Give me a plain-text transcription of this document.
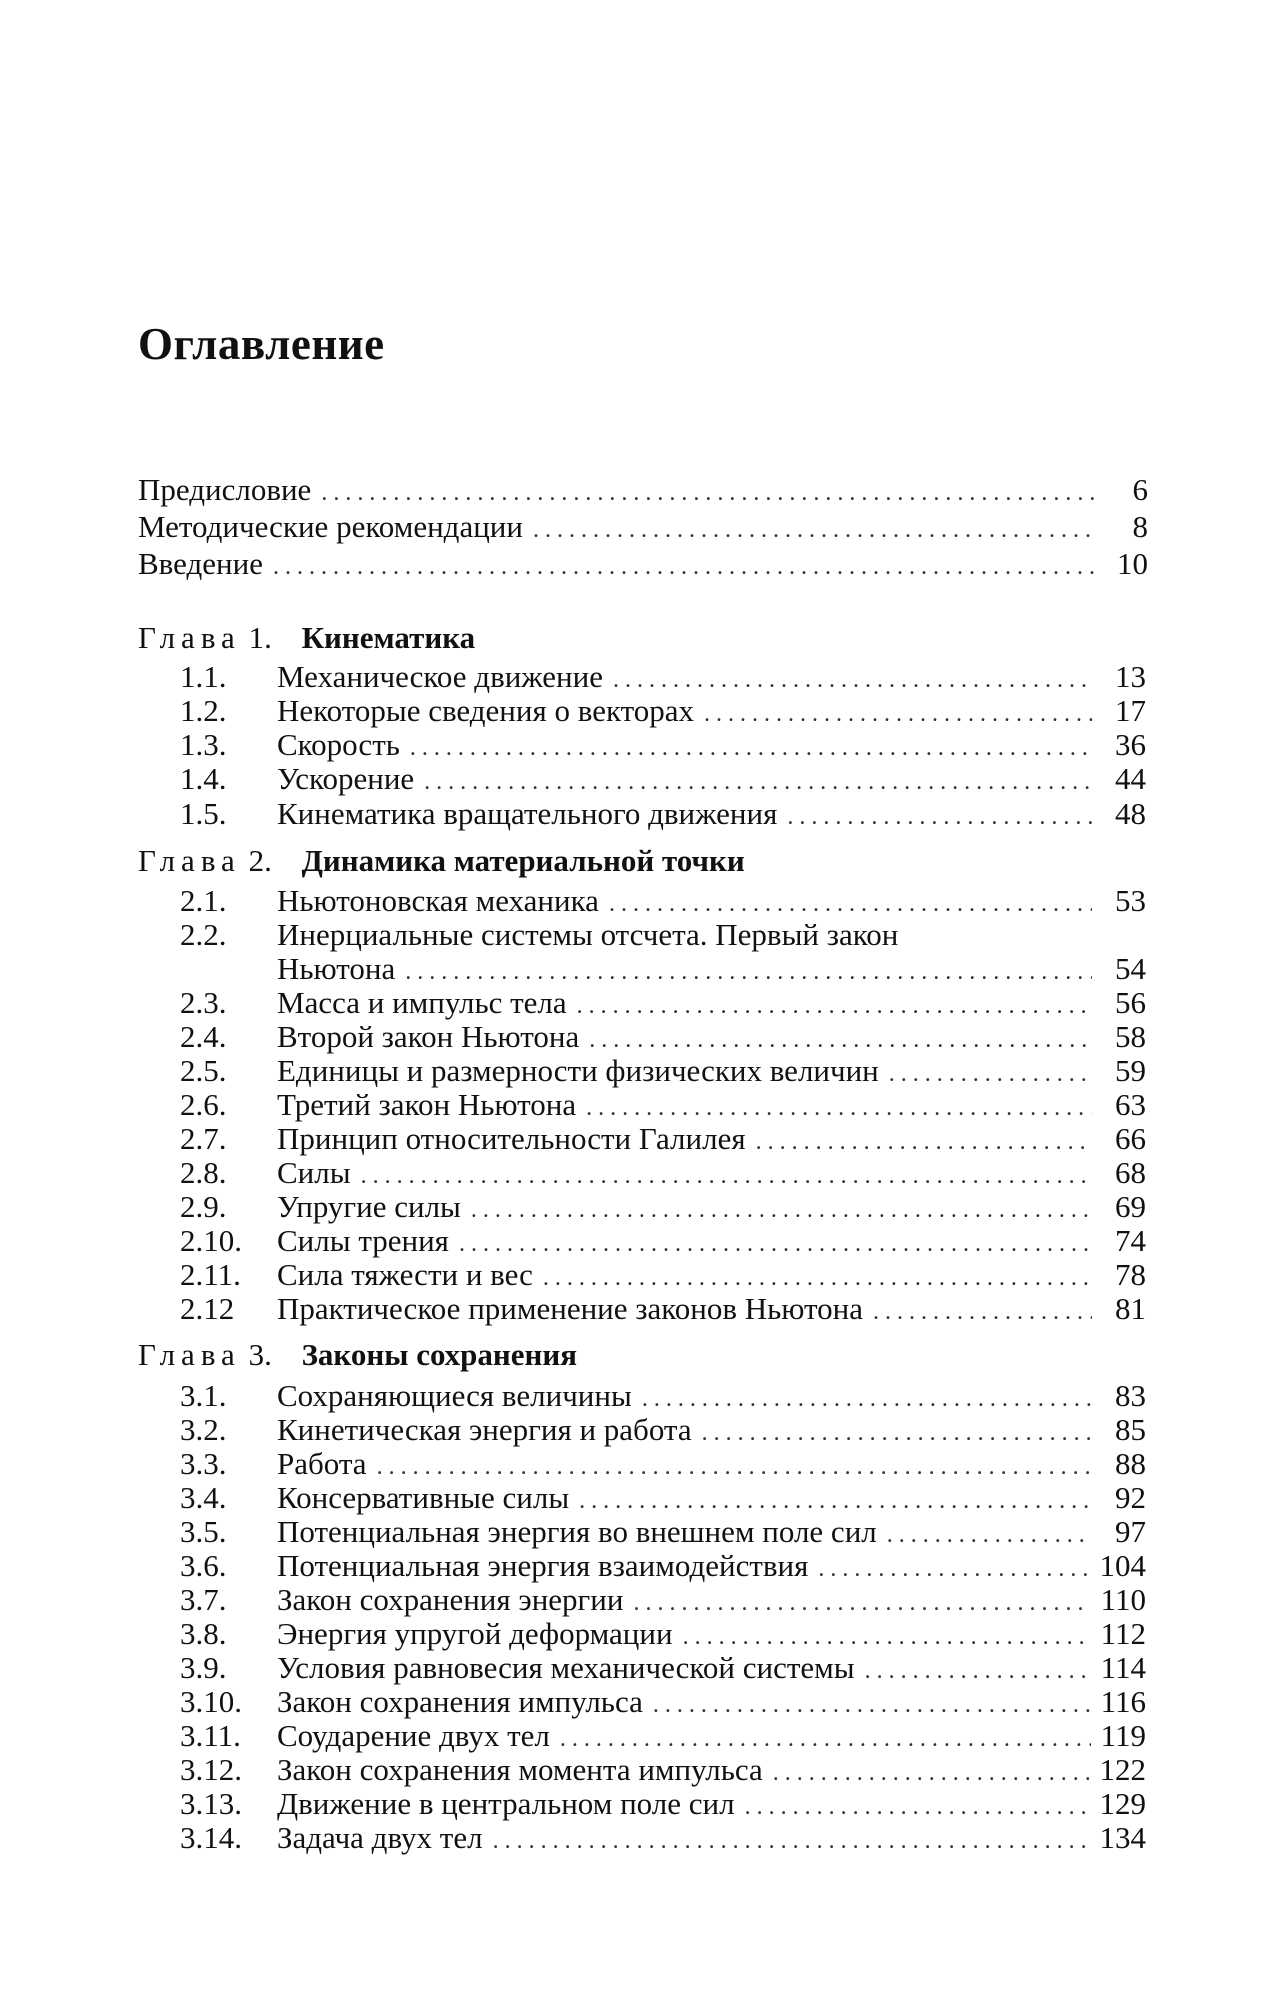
Оглавление
Предисловие . . .	6
Методические рекомендации . . .	8
Введение . . .	10
Глава 1. Кинематика
1.1.	Механическое движение . . .	13
1.2.	Некоторые сведения о векторах . . .	17
1.3.	Скорость . . .	36
1.4.	Ускорение . . .	44
1.5.	Кинематика вращательного движения . . .	48
Глава 2. Динамика материальной точки
2.1.	Ньютоновская механика . . .	53
2.2.	Инерциальные системы отсчета. Первый закон
Ньютона . . .	54
2.3.	Масса и импульс тела . . .	56
2.4.	Второй закон Ньютона . . .	58
2.5.	Единицы и размерности физических величин . . .	59
2.6.	Третий закон Ньютона . . .	63
2.7.	Принцип относительности Галилея . . .	66
2.8.	Силы . . .	68
2.9.	Упругие силы . . .	69
2.10.	Силы трения . . .	74
2.11.	Сила тяжести и вес . . .	78
2.12	Практическое применение законов Ньютона . . .	81
Глава 3. Законы сохранения
3.1.	Сохраняющиеся величины . . .	83
3.2.	Кинетическая энергия и работа . . .	85
3.3.	Работа . . .	88
3.4.	Консервативные силы . . .	92
3.5.	Потенциальная энергия во внешнем поле сил . . .	97
3.6.	Потенциальная энергия взаимодействия . . .	104
3.7.	Закон сохранения энергии . . .	110
3.8.	Энергия упругой деформации . . .	112
3.9.	Условия равновесия механической системы . . .	114
3.10.	Закон сохранения импульса . . .	116
3.11.	Соударение двух тел . . .	119
3.12.	Закон сохранения момента импульса . . .	122
3.13.	Движение в центральном поле сил . . .	129
3.14.	Задача двух тел . . .	134
